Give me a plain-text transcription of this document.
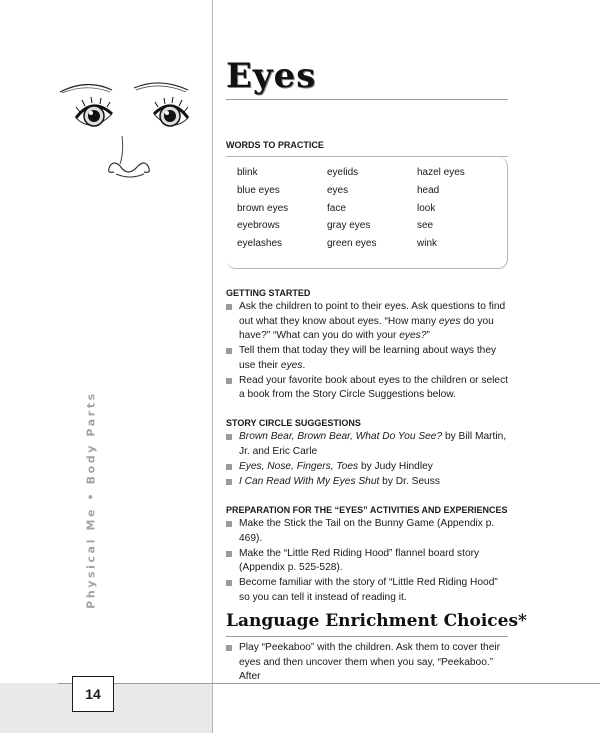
Physical Me • Body Parts
14
Eyes
WORDS TO PRACTICE
blink	eyelids	hazel eyes
blue eyes	eyes	head
brown eyes	face	look
eyebrows	gray eyes	see
eyelashes	green eyes	wink
GETTING STARTED
Ask the children to point to their eyes. Ask questions to find out what they know about eyes. “How many eyes do you have?” “What can you do with your eyes?”
Tell them that today they will be learning about ways they use their eyes.
Read your favorite book about eyes to the children or select a book from the Story Circle Suggestions below.
STORY CIRCLE SUGGESTIONS
Brown Bear, Brown Bear, What Do You See? by Bill Martin, Jr. and Eric Carle
Eyes, Nose, Fingers, Toes by Judy Hindley
I Can Read With My Eyes Shut by Dr. Seuss
PREPARATION FOR THE “EYES” ACTIVITIES AND EXPERIENCES
Make the Stick the Tail on the Bunny Game (Appendix p. 469).
Make the “Little Red Riding Hood” flannel board story (Appendix p. 525-528).
Become familiar with the story of “Little Red Riding Hood” so you can tell it instead of reading it.
Language Enrichment Choices*
Play “Peekaboo” with the children. Ask them to cover their eyes and then uncover them when you say, “Peekaboo.” After
